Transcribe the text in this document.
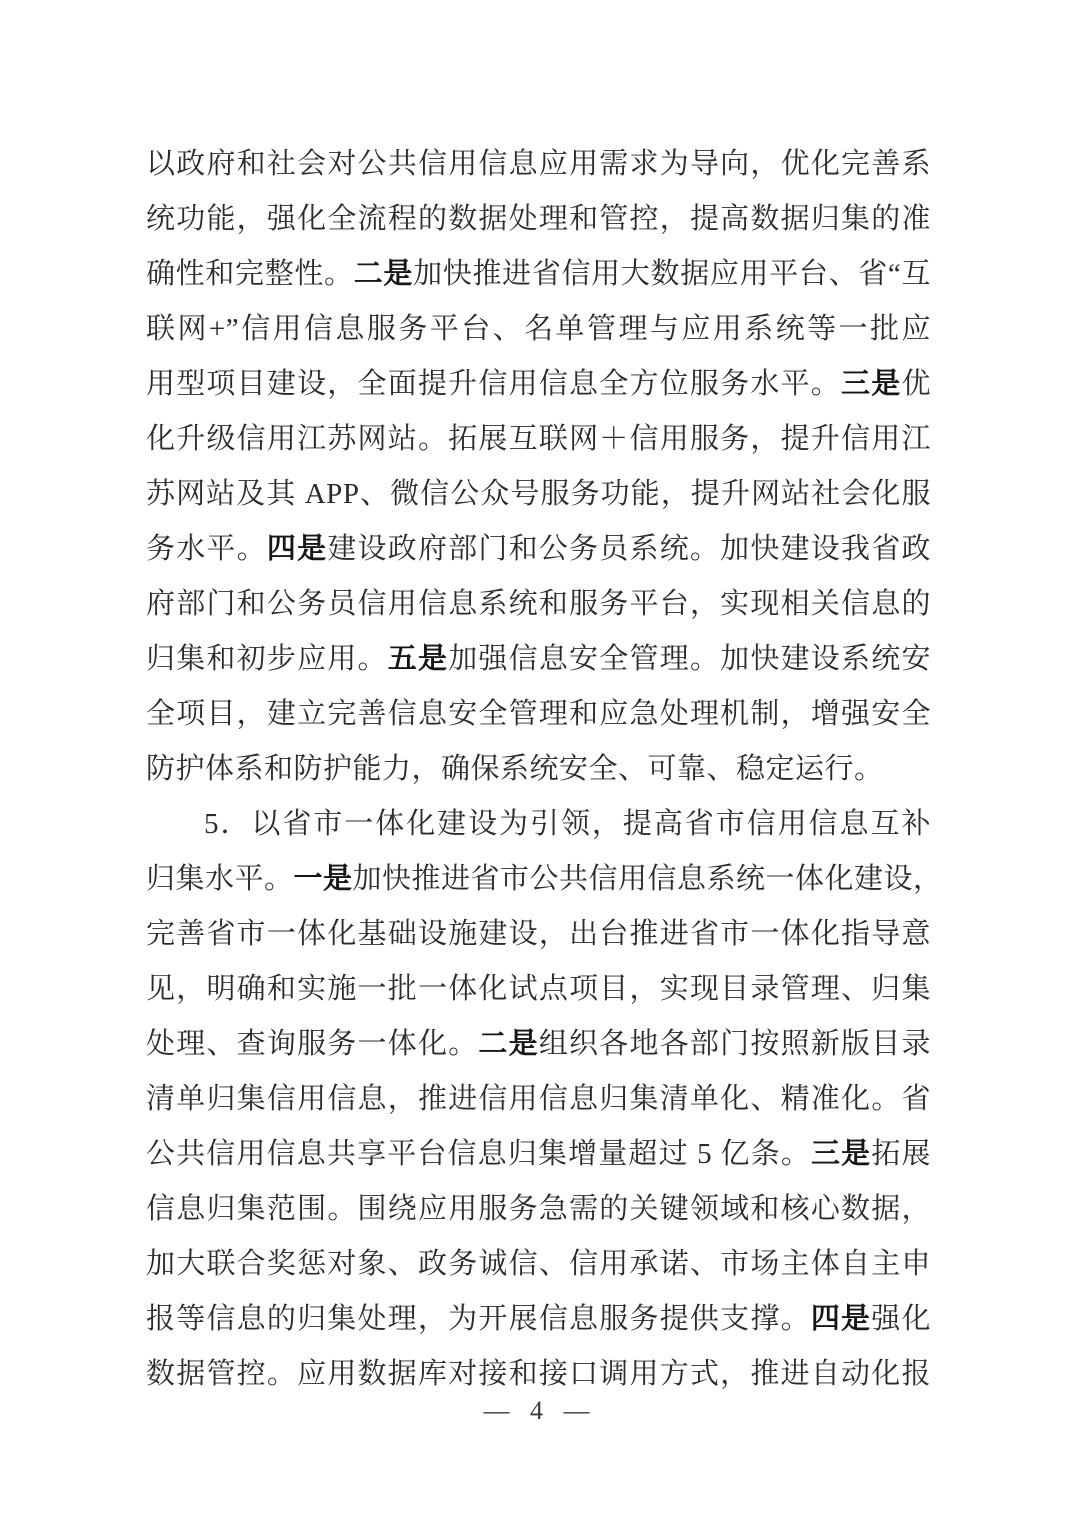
以政府和社会对公共信用信息应用需求为导向，优化完善系
统功能，强化全流程的数据处理和管控，提高数据归集的准
确性和完整性。二是加快推进省信用大数据应用平台、省“互
联网+”信用信息服务平台、名单管理与应用系统等一批应
用型项目建设，全面提升信用信息全方位服务水平。三是优
化升级信用江苏网站。拓展互联网＋信用服务，提升信用江
苏网站及其 APP、微信公众号服务功能，提升网站社会化服
务水平。四是建设政府部门和公务员系统。加快建设我省政
府部门和公务员信用信息系统和服务平台，实现相关信息的
归集和初步应用。五是加强信息安全管理。加快建设系统安
全项目，建立完善信息安全管理和应急处理机制，增强安全
防护体系和防护能力，确保系统安全、可靠、稳定运行。
5．以省市一体化建设为引领，提高省市信用信息互补
归集水平。一是加快推进省市公共信用信息系统一体化建设，
完善省市一体化基础设施建设，出台推进省市一体化指导意
见，明确和实施一批一体化试点项目，实现目录管理、归集
处理、查询服务一体化。二是组织各地各部门按照新版目录
清单归集信用信息，推进信用信息归集清单化、精准化。省
公共信用信息共享平台信息归集增量超过 5 亿条。三是拓展
信息归集范围。围绕应用服务急需的关键领域和核心数据，
加大联合奖惩对象、政务诚信、信用承诺、市场主体自主申
报等信息的归集处理，为开展信息服务提供支撑。四是强化
数据管控。应用数据库对接和接口调用方式，推进自动化报
— 4 —
